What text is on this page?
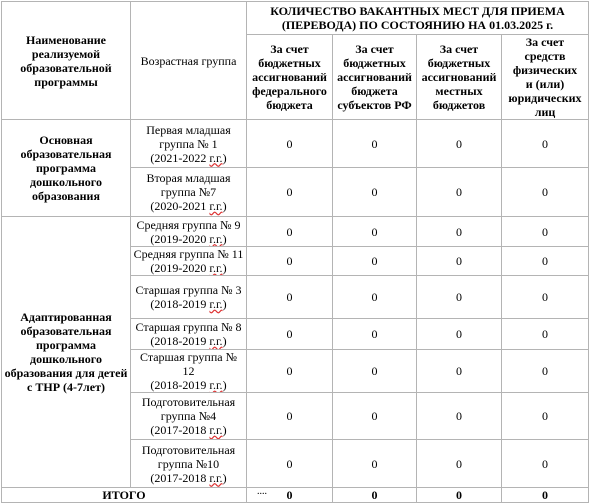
Наименование реализуемой образовательной программы	Возрастная группа	КОЛИЧЕСТВО ВАКАНТНЫХ МЕСТ ДЛЯ ПРИЕМА (ПЕРЕВОДА) ПО СОСТОЯНИЮ НА 01.03.2025 г.			
		За счет бюджетных ассигнований федерального бюджета	За счет бюджетных ассигнований бюджета субъектов РФ	За счет бюджетных ассигнований местных бюджетов	За счет средств физических
и (или)
юридических лиц

Основная образовательная программа дошкольного образования	Первая младшая группа № 1
(2021-2022 г.г.)	0	0	0	0

	Вторая младшая группа №7
(2020-2021 г.г.)	0	0	0	0
Адаптированная образовательная программа дошкольного образования для детей с ТНР (4-7лет)	Средняя группа № 9
(2019-2020 г.г.)	0	0	0	0

	Средняя группа № 11
(2019-2020 г.г.)	0	0	0	0

	Старшая группа № 3
(2018-2019 г.г.)	0	0	0	0

	Старшая группа № 8
(2018-2019 г.г.)	0	0	0	0

	Старшая группа № 12
(2018-2019 г.г.)	0	0	0	0

	Подготовительная группа №4
(2017-2018 г.г.)	0	0	0	0

	Подготовительная группа №10
(2017-2018 г.г.)	0	0	0	0
ИТОГО		0	0	0	0
....
